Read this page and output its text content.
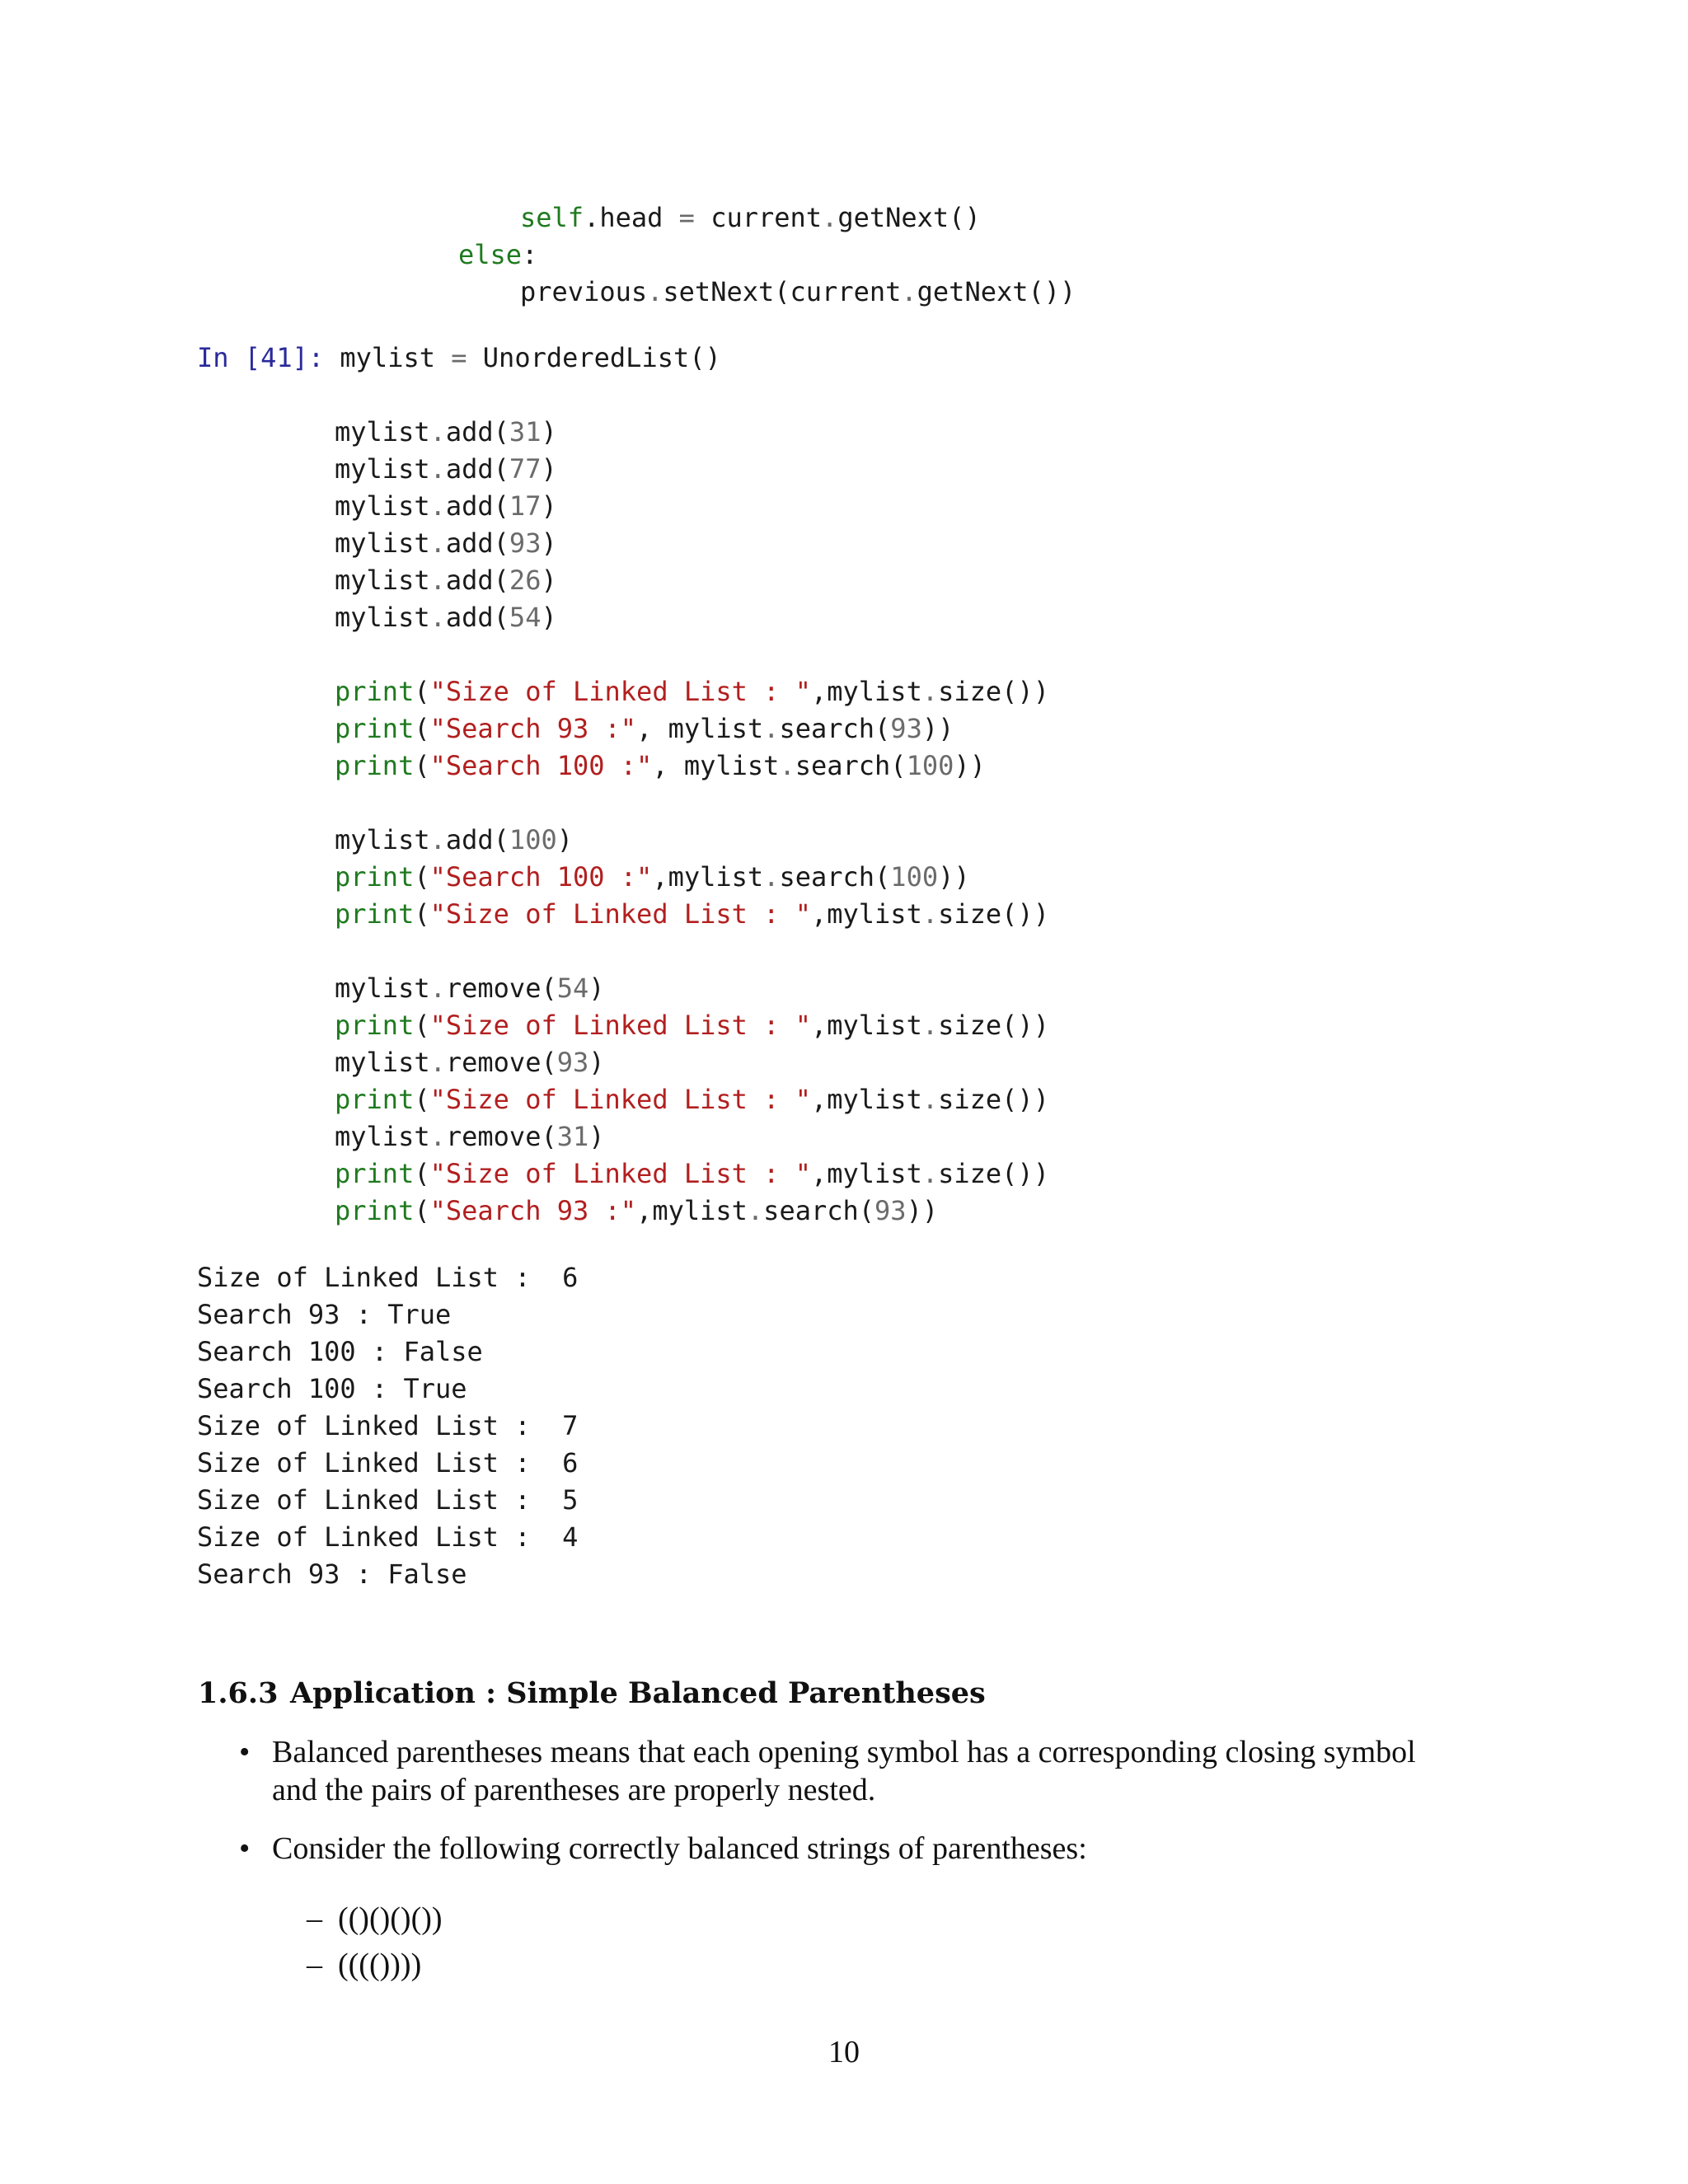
self.head = current.getNext()
else:
previous.setNext(current.getNext())
In [41]: mylist = UnorderedList()
mylist.add(31)
mylist.add(77)
mylist.add(17)
mylist.add(93)
mylist.add(26)
mylist.add(54)
print("Size of Linked List : ",mylist.size())
print("Search 93 :", mylist.search(93))
print("Search 100 :", mylist.search(100))
mylist.add(100)
print("Search 100 :",mylist.search(100))
print("Size of Linked List : ",mylist.size())
mylist.remove(54)
print("Size of Linked List : ",mylist.size())
mylist.remove(93)
print("Size of Linked List : ",mylist.size())
mylist.remove(31)
print("Size of Linked List : ",mylist.size())
print("Search 93 :",mylist.search(93))
Size of Linked List :  6
Search 93 : True
Search 100 : False
Search 100 : True
Size of Linked List :  7
Size of Linked List :  6
Size of Linked List :  5
Size of Linked List :  4
Search 93 : False
1.6.3 Application : Simple Balanced Parentheses
• Balanced parentheses means that each opening symbol has a corresponding closing symbol
and the pairs of parentheses are properly nested.
• Consider the following correctly balanced strings of parentheses:
– (()()()())
– (((())))
10
